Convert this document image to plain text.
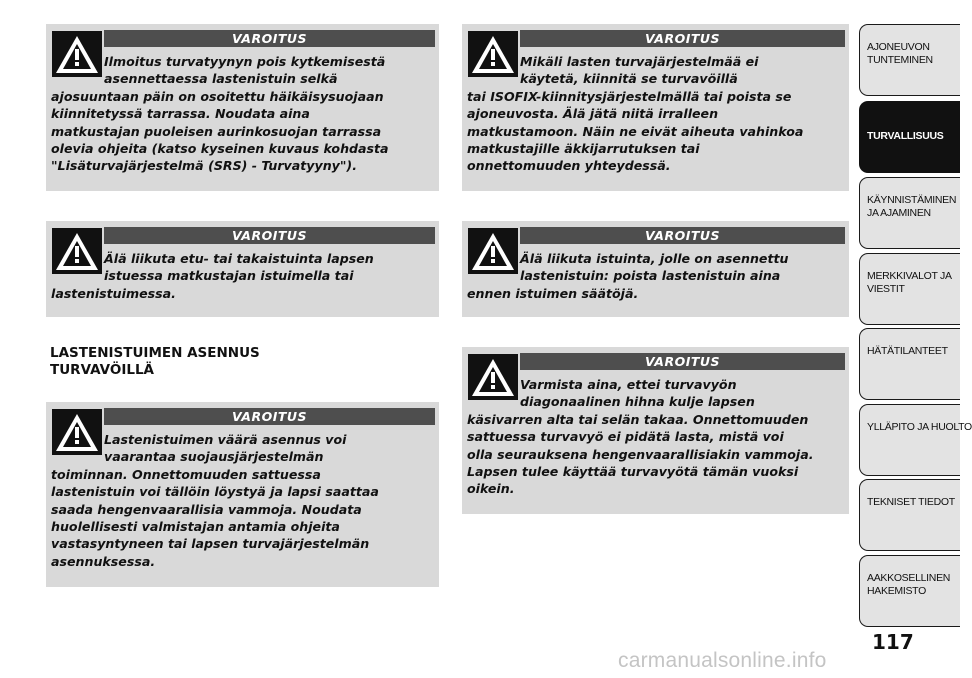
VAROITUS
Ilmoitus turvatyynyn pois kytkemisestä
asennettaessa lastenistuin selkä
ajosuuntaan päin on osoitettu häikäisysuojaan
kiinnitetyssä tarrassa. Noudata aina
matkustajan puoleisen aurinkosuojan tarrassa
olevia ohjeita (katso kyseinen kuvaus kohdasta
"Lisäturvajärjestelmä (SRS) - Turvatyyny").
VAROITUS
Älä liikuta etu- tai takaistuinta lapsen
istuessa matkustajan istuimella tai
lastenistuimessa.
LASTENISTUIMEN ASENNUS
TURVAVÖILLÄ
VAROITUS
Lastenistuimen väärä asennus voi
vaarantaa suojausjärjestelmän
toiminnan. Onnettomuuden sattuessa
lastenistuin voi tällöin löystyä ja lapsi saattaa
saada hengenvaarallisia vammoja. Noudata
huolellisesti valmistajan antamia ohjeita
vastasyntyneen tai lapsen turvajärjestelmän
asennuksessa.
VAROITUS
Mikäli lasten turvajärjestelmää ei
käytetä, kiinnitä se turvavöillä
tai ISOFIX-kiinnitysjärjestelmällä tai poista se
ajoneuvosta. Älä jätä niitä irralleen
matkustamoon. Näin ne eivät aiheuta vahinkoa
matkustajille äkkijarrutuksen tai
onnettomuuden yhteydessä.
VAROITUS
Älä liikuta istuinta, jolle on asennettu
lastenistuin: poista lastenistuin aina
ennen istuimen säätöjä.
VAROITUS
Varmista aina, ettei turvavyön
diagonaalinen hihna kulje lapsen
käsivarren alta tai selän takaa. Onnettomuuden
sattuessa turvavyö ei pidätä lasta, mistä voi
olla seurauksena hengenvaarallisiakin vammoja.
Lapsen tulee käyttää turvavyötä tämän vuoksi
oikein.
AJONEUVON
TUNTEMINEN
TURVALLISUUS
KÄYNNISTÄMINEN
JA AJAMINEN
MERKKIVALOT JA
VIESTIT
HÄTÄTILANTEET
YLLÄPITO JA HUOLTO
TEKNISET TIEDOT
AAKKOSELLINEN
HAKEMISTO
117
carmanualsonline.info
